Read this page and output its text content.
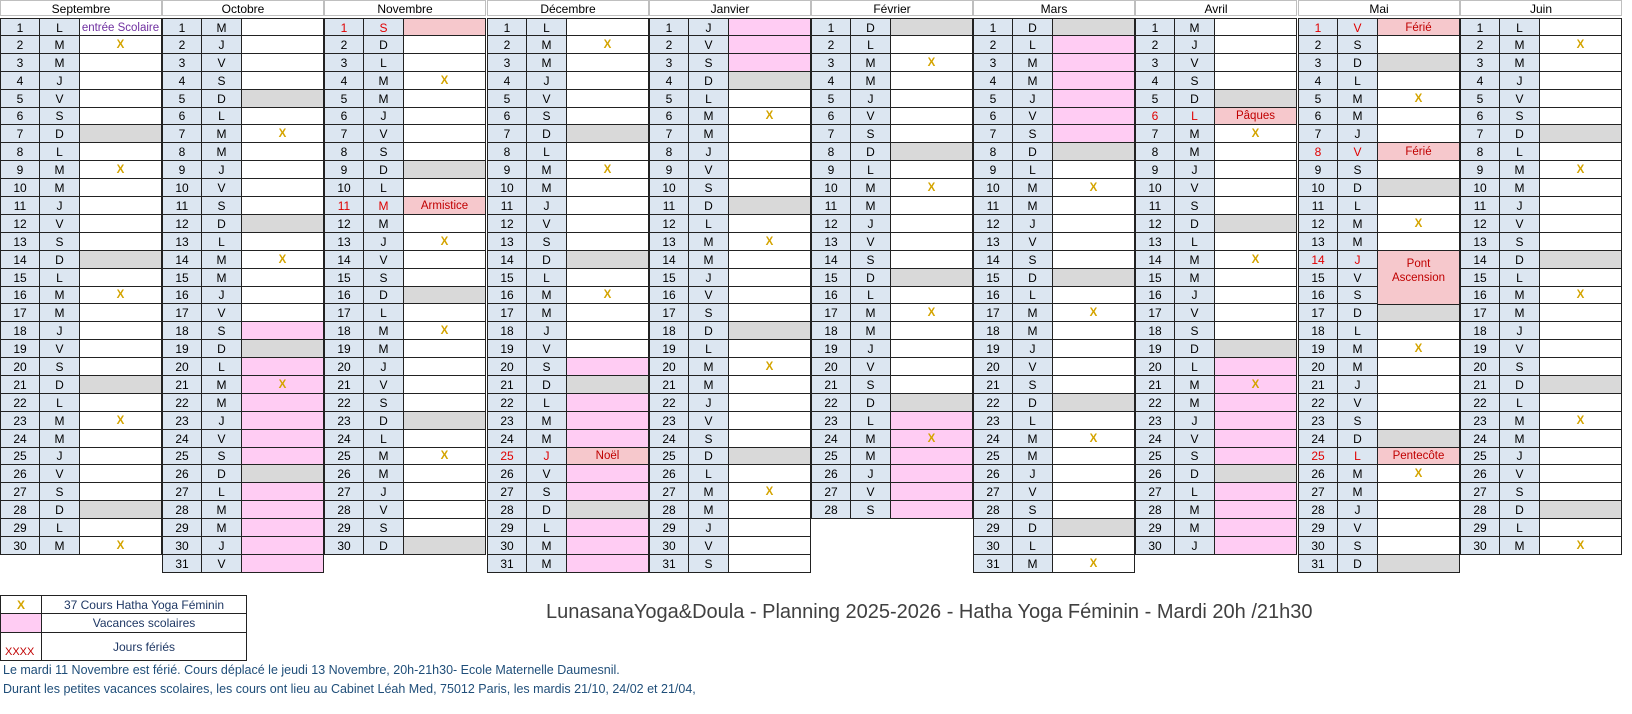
Septembre
1	L	entrée Scolaire
2	M	X
3	M
4	J
5	V
6	S
7	D
8	L
9	M	X
10	M
11	J
12	V
13	S
14	D
15	L
16	M	X
17	M
18	J
19	V
20	S
21	D
22	L
23	M	X
24	M
25	J
26	V
27	S
28	D
29	L
30	M	X
Octobre
1	M
2	J
3	V
4	S
5	D
6	L
7	M	X
8	M
9	J
10	V
11	S
12	D
13	L
14	M	X
15	M
16	J
17	V
18	S
19	D
20	L
21	M	X
22	M
23	J
24	V
25	S
26	D
27	L
28	M
29	M
30	J
31	V
Novembre
1	S
2	D
3	L
4	M	X
5	M
6	J
7	V
8	S
9	D
10	L
11	M	Armistice
12	M
13	J	X
14	V
15	S
16	D
17	L
18	M	X
19	M
20	J
21	V
22	S
23	D
24	L
25	M	X
26	M
27	J
28	V
29	S
30	D
Décembre
1	L
2	M	X
3	M
4	J
5	V
6	S
7	D
8	L
9	M	X
10	M
11	J
12	V
13	S
14	D
15	L
16	M	X
17	M
18	J
19	V
20	S
21	D
22	L
23	M
24	M
25	J	Noël
26	V
27	S
28	D
29	L
30	M
31	M
Janvier
1	J
2	V
3	S
4	D
5	L
6	M	X
7	M
8	J
9	V
10	S
11	D
12	L
13	M	X
14	M
15	J
16	V
17	S
18	D
19	L
20	M	X
21	M
22	J
23	V
24	S
25	D
26	L
27	M	X
28	M
29	J
30	V
31	S
Février
1	D
2	L
3	M	X
4	M
5	J
6	V
7	S
8	D
9	L
10	M	X
11	M
12	J
13	V
14	S
15	D
16	L
17	M	X
18	M
19	J
20	V
21	S
22	D
23	L
24	M	X
25	M
26	J
27	V
28	S
Mars
1	D
2	L
3	M
4	M
5	J
6	V
7	S
8	D
9	L
10	M	X
11	M
12	J
13	V
14	S
15	D
16	L
17	M	X
18	M
19	J
20	V
21	S
22	D
23	L
24	M	X
25	M
26	J
27	V
28	S
29	D
30	L
31	M	X
Avril
1	M
2	J
3	V
4	S
5	D
6	L	Pâques
7	M	X
8	M
9	J
10	V
11	S
12	D
13	L
14	M	X
15	M
16	J
17	V
18	S
19	D
20	L
21	M	X
22	M
23	J
24	V
25	S
26	D
27	L
28	M
29	M
30	J
Mai
1	V	Férié
2	S
3	D
4	L
5	M	X
6	M
7	J
8	V	Férié
9	S
10	D
11	L
12	M	X
13	M
14	J	Pont
Ascension
15	V
16	S
17	D
18	L
19	M	X
20	M
21	J
22	V
23	S
24	D
25	L	Pentecôte
26	M	X
27	M
28	J
29	V
30	S
31	D
Juin
1	L
2	M	X
3	M
4	J
5	V
6	S
7	D
8	L
9	M	X
10	M
11	J
12	V
13	S
14	D
15	L
16	M	X
17	M
18	J
19	V
20	S
21	D
22	L
23	M	X
24	M
25	J
26	V
27	S
28	D
29	L
30	M	X
X	37 Cours Hatha Yoga Féminin
Vacances scolaires
XXXX	Jours fériés
LunasanaYoga&Doula - Planning 2025-2026 - Hatha Yoga Féminin - Mardi 20h /21h30
Le mardi 11 Novembre est férié. Cours déplacé le jeudi 13 Novembre, 20h-21h30- Ecole Maternelle Daumesnil.
Durant les petites vacances scolaires, les cours ont lieu au Cabinet Léah Med, 75012 Paris, les mardis 21/10, 24/02 et 21/04,
